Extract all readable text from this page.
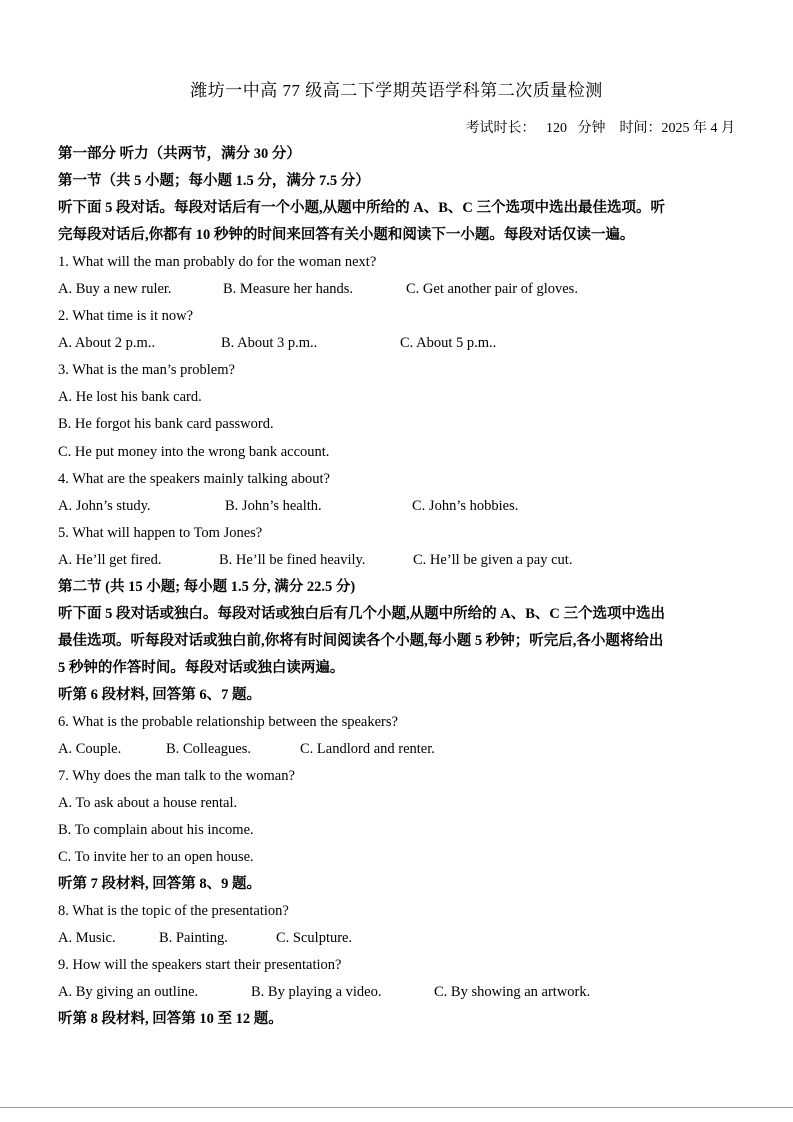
潍坊一中高 77 级高二下学期英语学科第二次质量检测
考试时长：   120   分钟    时间：2025 年 4 月
第一部分 听力（共两节，满分 30 分）
第一节（共 5 小题；每小题 1.5 分，满分 7.5 分）
听下面 5 段对话。每段对话后有一个小题,从题中所给的 A、B、C 三个选项中选出最佳选项。听
完每段对话后,你都有 10 秒钟的时间来回答有关小题和阅读下一小题。每段对话仅读一遍。
1. What will the man probably do for the woman next?
A. Buy a new ruler.	B. Measure her hands.	C. Get another pair of gloves.
2. What time is it now?
A. About 2 p.m..	B. About 3 p.m..	C. About 5 p.m..
3. What is the man’s problem?
A. He lost his bank card.
B. He forgot his bank card password.
C. He put money into the wrong bank account.
4. What are the speakers mainly talking about?
A. John’s study.	B. John’s health.	C. John’s hobbies.
5. What will happen to Tom Jones?
A. He’ll get fired.	B. He’ll be fined heavily.	C. He’ll be given a pay cut.
第二节 (共 15 小题; 每小题 1.5 分, 满分 22.5 分)
听下面 5 段对话或独白。每段对话或独白后有几个小题,从题中所给的 A、B、C 三个选项中选出
最佳选项。听每段对话或独白前,你将有时间阅读各个小题,每小题 5 秒钟；听完后,各小题将给出
5 秒钟的作答时间。每段对话或独白读两遍。
听第 6 段材料, 回答第 6、7 题。
6. What is the probable relationship between the speakers?
A. Couple.	B. Colleagues.	C. Landlord and renter.
7. Why does the man talk to the woman?
A. To ask about a house rental.
B. To complain about his income.
C. To invite her to an open house.
听第 7 段材料, 回答第 8、9 题。
8. What is the topic of the presentation?
A. Music.	B. Painting.	C. Sculpture.
9. How will the speakers start their presentation?
A. By giving an outline.	B. By playing a video.	C. By showing an artwork.
听第 8 段材料, 回答第 10 至 12 题。
